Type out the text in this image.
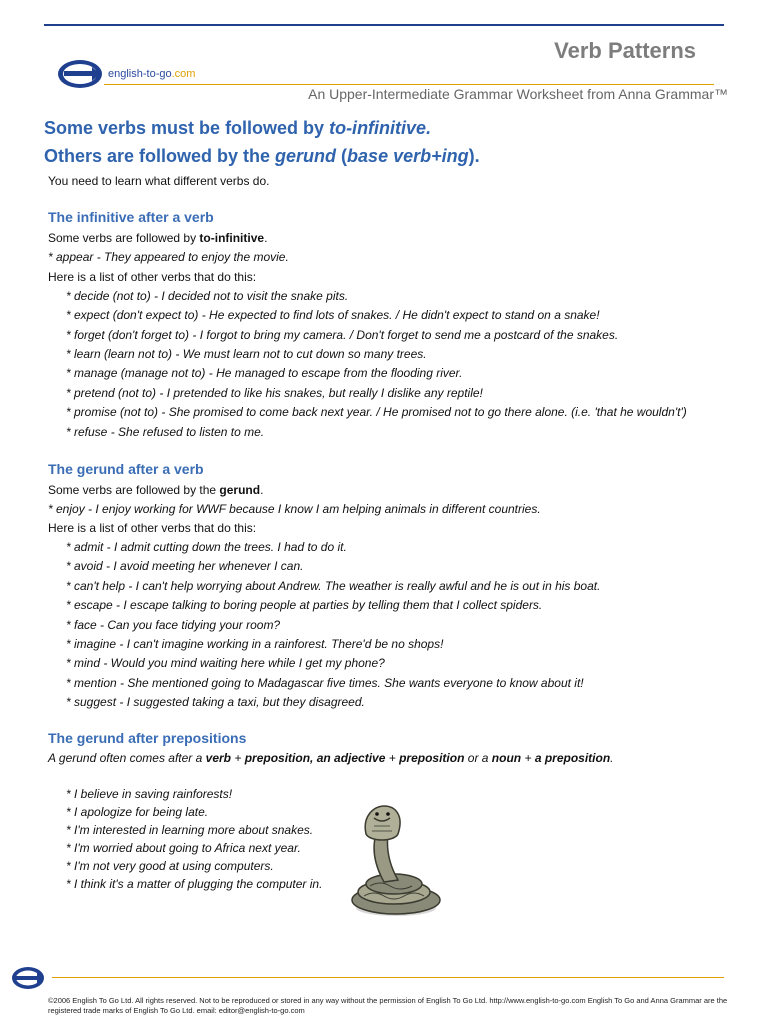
Verb Patterns
english-to-go.com
An Upper-Intermediate Grammar Worksheet from Anna Grammar™

Some verbs must be followed by to-infinitive.

Others are followed by the gerund (base verb+ing).

You need to learn what different verbs do.

The infinitive after a verb

Some verbs are followed by to-infinitive.

* appear - They appeared to enjoy the movie.

Here is a list of other verbs that do this:

* decide (not to) - I decided not to visit the snake pits.

* expect (don't expect to) - He expected to find lots of snakes. / He didn't expect to stand on a snake!

* forget (don't forget to) - I forgot to bring my camera. / Don't forget to send me a postcard of the snakes.

* learn (learn not to) - We must learn not to cut down so many trees.

* manage (manage not to) - He managed to escape from the flooding river.

* pretend (not to) - I pretended to like his snakes, but really I dislike any reptile!

* promise (not to) - She promised to come back next year. / He promised not to go there alone. (i.e. 'that he wouldn't')

* refuse - She refused to listen to me.

The gerund after a verb

Some verbs are followed by the gerund.

* enjoy - I enjoy working for WWF because I know I am helping animals in different countries.

Here is a list of other verbs that do this:

* admit - I admit cutting down the trees. I had to do it.

* avoid - I avoid meeting her whenever I can.

* can't help - I can't help worrying about Andrew. The weather is really awful and he is out in his boat.

* escape - I escape talking to boring people at parties by telling them that I collect spiders.

* face - Can you face tidying your room?

* imagine - I can't imagine working in a rainforest. There'd be no shops!

* mind - Would you mind waiting here while I get my phone?

* mention - She mentioned going to Madagascar five times. She wants everyone to know about it!

* suggest - I suggested taking a taxi, but they disagreed.

The gerund after prepositions

A gerund often comes after a verb + preposition, an adjective + preposition or a noun + a preposition.

* I believe in saving rainforests!

* I apologize for being late.

* I'm interested in learning more about snakes.

* I'm worried about going to Africa next year.

* I'm not very good at using computers.

* I think it's a matter of plugging the computer in.

©2006 English To Go Ltd. All rights reserved. Not to be reproduced or stored in any way without the permission of English To Go Ltd. http://www.english-to-go.com English To Go and Anna Grammar are the registered trade marks of English To Go Ltd. email: editor@english-to-go.com
